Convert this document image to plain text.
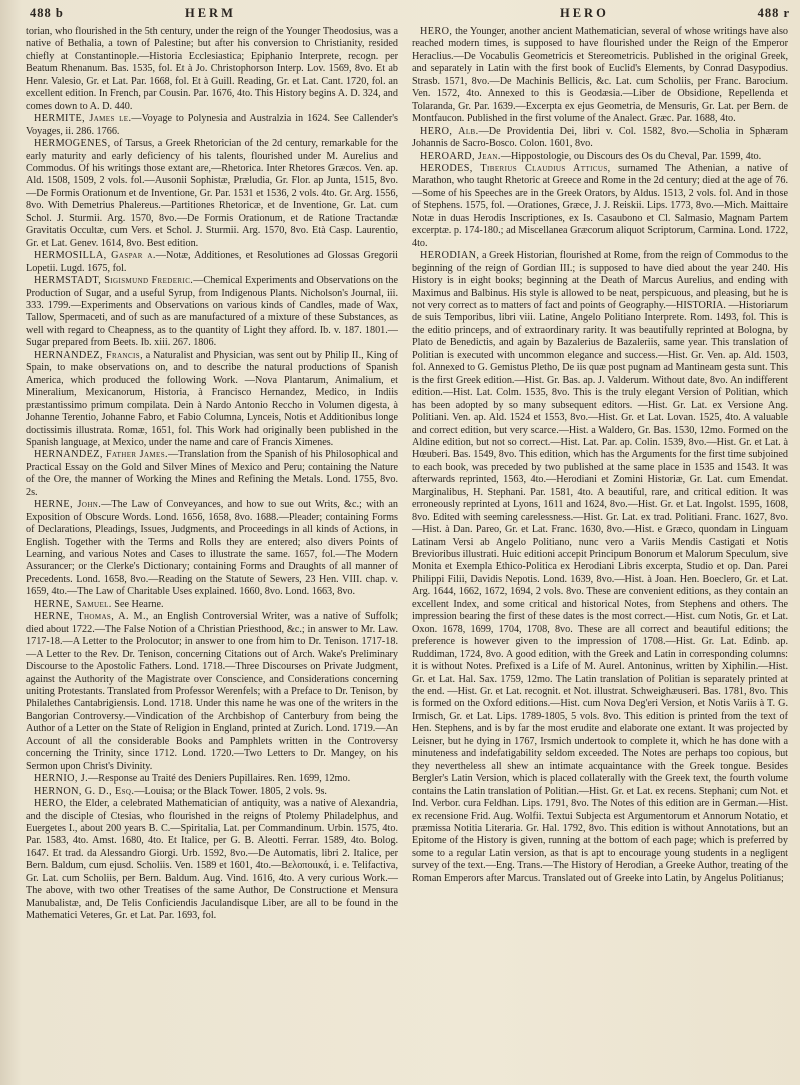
488 b	HERM	HERO	488 r

torian, who flourished in the 5th century, under the reign of the Younger Theodosius, was a native of Bethalia, a town of Palestine; but after his conversion to Christianity, resided chiefly at Constantinople.—Historia Ecclesiastica; Epiphanio Interprete, recogn. per Beatum Rhenanum. Bas. 1535, fol. Et à Jo. Christophorson Interp. Lov. 1569, 8vo. Et ab Henr. Valesio, Gr. et Lat. Par. 1668, fol. Et à Guill. Reading, Gr. et Lat. Cant. 1720, fol. an excellent edition. In French, par Cousin. Par. 1676, 4to. This History begins A. D. 324, and comes down to A. D. 440.

HERMITE, James le.—Voyage to Polynesia and Australzia in 1624. See Callender's Voyages, ii. 286. 1766.

HERMOGENES, of Tarsus, a Greek Rhetorician of the 2d century, remarkable for the early maturity and early deficiency of his talents, flourished under M. Aurelius and Commodus. Of his writings those extant are,—Rhetorica. Inter Rhetores Græcos. Ven. ap. Ald. 1508, 1509, 2 vols. fol.—Ausonii Sophistæ, Præludia, Gr. Flor. ap Junta, 1515, 8vo.—De Formis Orationum et de Inventione, Gr. Par. 1531 et 1536, 2 vols. 4to. Gr. Arg. 1556, 8vo. With Demetrius Phalereus.—Partitiones Rhetoricæ, et de Inventione, Gr. Lat. cum Schol. J. Sturmii. Arg. 1570, 8vo.—De Formis Orationum, et de Ratione Tractandæ Gravitatis Occultæ, cum Vers. et Schol. J. Sturmii. Arg. 1570, 8vo. Età Casp. Laurentio, Gr. et Lat. Genev. 1614, 8vo. Best edition.

HERMOSILLA, Gaspar a.—Notæ, Additiones, et Resolutiones ad Glossas Gregorii Lopetii. Lugd. 1675, fol.

HERMSTADT, Sigismund Frederic.—Chemical Experiments and Observations on the Production of Sugar, and a useful Syrup, from Indigenous Plants. Nicholson's Journal, iii. 333. 1799.—Experiments and Observations on various kinds of Candles, made of Wax, Tallow, Spermaceti, and of such as are manufactured of a mixture of these Substances, as well with regard to Cheapness, as to the quantity of Light they afford. Ib. v. 187. 1801.—Sugar prepared from Beets. Ib. xiii. 267. 1806.

HERNANDEZ, Francis, a Naturalist and Physician, was sent out by Philip II., King of Spain, to make observations on, and to describe the natural productions of Spanish America, which produced the following Work. —Nova Plantarum, Animalium, et Mineralium, Mexicanorum, Historia, à Francisco Hernandez, Medico, in Indiis præstantissimo primum compilata. Dein à Nardo Antonio Reccho in Volumen digesta, à Johanne Terentio, Johanne Fabro, et Fabio Columna, Lynceis, Notis et Additionibus longe doctissimis illustrata. Romæ, 1651, fol. This Work had originally been published in the Spanish language, at Mexico, under the name and care of Francis Ximenes.

HERNANDEZ, Father James.—Translation from the Spanish of his Philosophical and Practical Essay on the Gold and Silver Mines of Mexico and Peru; containing the Nature of the Ore, the manner of Working the Mines and Refining the Metals. Lond. 1755, 8vo. 2s.

HERNE, John.—The Law of Conveyances, and how to sue out Writs, &c.; with an Exposition of Obscure Words. Lond. 1656, 1658, 8vo. 1688.—Pleader; containing Forms of Declarations, Pleadings, Issues, Judgments, and Proceedings in all kinds of Actions, in English. Together with the Terms and Rolls they are entered; also divers Points of Learning, and various Notes and Cases to illustrate the same. 1657, fol.—The Modern Assurancer; or the Clerke's Dictionary; containing Forms and Draughts of all manner of Precedents. Lond. 1658, 8vo.—Reading on the Statute of Sewers, 23 Hen. VIII. chap. v. 1659, 4to.—The Law of Charitable Uses explained. 1660, 8vo. Lond. 1663, 8vo.

HERNE, Samuel. See Hearne.

HERNE, Thomas, A. M., an English Controversial Writer, was a native of Suffolk; died about 1722.—The False Notion of a Christian Priesthood, &c.; in answer to Mr. Law. 1717-18.—A Letter to the Prolocutor; in answer to one from him to Dr. Tenison. 1717-18.—A Letter to the Rev. Dr. Tenison, concerning Citations out of Arch. Wake's Preliminary Discourse to the Apostolic Fathers. Lond. 1718.—Three Discourses on Private Judgment, against the Authority of the Magistrate over Conscience, and Considerations concerning uniting Protestants. Translated from Professor Werenfels; with a Preface to Dr. Tenison, by Philalethes Cantabrigiensis. Lond. 1718. Under this name he was one of the writers in the Bangorian Controversy.—Vindication of the Archbishop of Canterbury from being the Author of a Letter on the State of Religion in England, printed at Zurich. Lond. 1719.—An Account of all the considerable Books and Pamphlets written in the Controversy concerning the Trinity, since 1712. Lond. 1720.—Two Letters to Dr. Mangey, on his Sermon upon Christ's Divinity.

HERNIO, J.—Response au Traité des Deniers Pupillaires. Ren. 1699, 12mo.

HERNON, G. D., Esq.—Louisa; or the Black Tower. 1805, 2 vols. 9s.

HERO, the Elder, a celebrated Mathematician of antiquity, was a native of Alexandria, and the disciple of Ctesias, who flourished in the reigns of Ptolemy Philadelphus, and Euergetes I., about 200 years B. C.—Spiritalia, Lat. per Commandinum. Urbin. 1575, 4to. Par. 1583, 4to. Amst. 1680, 4to. Et Italice, per G. B. Aleotti. Ferrar. 1589, 4to. Bolog. 1647. Et trad. da Alessandro Giorgi. Urb. 1592, 8vo.—De Automatis, libri 2. Italice, per Bern. Baldum, cum ejusd. Scholiis. Ven. 1589 et 1601, 4to.—Βελοποιικά, i. e. Telifactiva, Gr. Lat. cum Scholiis, per Bern. Baldum. Aug. Vind. 1616, 4to. A very curious Work.—The above, with two other Treatises of the same Author, De Constructione et Mensura Manubalistæ, and, De Telis Conficiendis Jaculandisque Liber, are all to be found in the Mathematici Veteres, Gr. et Lat. Par. 1693, fol.

HERO, the Younger, another ancient Mathematician, several of whose writings have also reached modern times, is supposed to have flourished under the Reign of the Emperor Heraclius.—De Vocabulis Geometricis et Stereometricis. Published in the original Greek, and separately in Latin with the first book of Euclid's Elements, by Conrad Dasypodius. Strasb. 1571, 8vo.—De Machinis Bellicis, &c. Lat. cum Scholiis, per Franc. Barocium. Ven. 1572, 4to. Annexed to this is Geodæsia.—Liber de Obsidione, Repellenda et Tolaranda, Gr. Par. 1639.—Excerpta ex ejus Geometria, de Mensuris, Gr. Lat. per Bern. de Montfaucon. Published in the first volume of the Analect. Græc. Par. 1688, 4to.

HERO, Alb.—De Providentia Dei, libri v. Col. 1582, 8vo.—Scholia in Sphæram Johannis de Sacro-Bosco. Colon. 1601, 8vo.

HEROARD, Jean.—Hippostologie, ou Discours des Os du Cheval, Par. 1599, 4to.

HERODES, Tiberius Claudius Atticus, surnamed The Athenian, a native of Marathon, who taught Rhetoric at Greece and Rome in the 2d century; died at the age of 76.—Some of his Speeches are in the Greek Orators, by Aldus. 1513, 2 vols. fol. And in those of Stephens. 1575, fol. —Orationes, Græce, J. J. Reiskii. Lips. 1773, 8vo.—Mich. Maittaire Notæ in duas Herodis Inscriptiones, ex Is. Casaubono et Cl. Salmasio, Magnam Partem excerptæ. p. 174-180.; ad Miscellanea Græcorum aliquot Scriptorum, Carmina. Lond. 1722, 4to.

HERODIAN, a Greek Historian, flourished at Rome, from the reign of Commodus to the beginning of the reign of Gordian III.; is supposed to have died about the year 240. His History is in eight books; beginning at the Death of Marcus Aurelius, and ending with Maximus and Balbinus. His style is allowed to be neat, perspicuous, and pleasing, but he is not very correct as to matters of fact and points of Geography.—HISTORIA. —Historiarum de suis Temporibus, libri viii. Latine, Angelo Politiano Interprete. Rom. 1493, fol. This is the editio princeps, and of extraordinary rarity. It was beautifully reprinted at Bologna, by Plato de Benedictis, and again by Bazalerius de Bazaleriis, same year. This translation of Politian is executed with uncommon elegance and success.—Hist. Gr. Ven. ap. Ald. 1503, fol. Annexed to G. Gemistus Pletho, De iis quæ post pugnam ad Mantineam gesta sunt. This is the first Greek edition.—Hist. Gr. Bas. ap. J. Valderum. Without date, 8vo. An indifferent edition.—Hist. Lat. Colm. 1535, 8vo. This is the truly elegant Version of Politian, which has been adopted by so many subsequent editors. —Hist. Gr. Lat. ex Versione Ang. Politiani. Ven. ap. Ald. 1524 et 1553, 8vo.—Hist. Gr. et Lat. Lovan. 1525, 4to. A valuable and correct edition, but very scarce.—Hist. a Waldero, Gr. Bas. 1530, 12mo. Formed on the Aldine edition, but not so correct.—Hist. Lat. Par. ap. Colin. 1539, 8vo.—Hist. Gr. et Lat. à Hœuberi. Bas. 1549, 8vo. This edition, which has the Arguments for the first time subjoined to each book, was preceded by two published at the same place in 1535 and 1543. It was afterwards reprinted, 1563, 4to.—Herodiani et Zomini Historiæ, Gr. Lat. cum Emendat. Marginalibus, H. Stephani. Par. 1581, 4to. A beautiful, rare, and critical edition. It was erroneously reprinted at Lyons, 1611 and 1624, 8vo.—Hist. Gr. et Lat. Ingolst. 1595, 1608, 8vo. Edited with seeming carelessness.—Hist. Gr. Lat. ex trad. Politiani. Franc. 1627, 8vo.—Hist. à Dan. Pareo, Gr. et Lat. Franc. 1630, 8vo.—Hist. e Græco, quondam in Linguam Latinam Versi ab Angelo Politiano, nunc vero a Variis Mendis Castigati et Notis Brevioribus illustrati. Huic editioni accepit Principum Bonorum et Malorum Speculum, sive Monita et Exempla Ethico-Politica ex Herodiani Libris excerpta, Studio et op. Dan. Parei Philippi Filii, Davidis Nepotis. Lond. 1639, 8vo.—Hist. à Joan. Hen. Boeclero, Gr. et Lat. Arg. 1644, 1662, 1672, 1694, 2 vols. 8vo. These are convenient editions, as they contain an excellent Index, and some critical and historical Notes, from Stephens and others. The impression bearing the first of these dates is the most correct.—Hist. cum Notis, Gr. et Lat. Oxon. 1678, 1699, 1704, 1708, 8vo. These are all correct and beautiful editions; the preference is however given to the impression of 1708.—Hist. Gr. Lat. Edinb. ap. Ruddiman, 1724, 8vo. A good edition, with the Greek and Latin in corresponding columns: it is without Notes. Prefixed is a Life of M. Aurel. Antoninus, written by Xiphilin.—Hist. Gr. et Lat. Hal. Sax. 1759, 12mo. The Latin translation of Politian is separately printed at the end. —Hist. Gr. et Lat. recognit. et Not. illustrat. Schweighæuseri. Bas. 1781, 8vo. This is formed on the Oxford editions.—Hist. cum Nova Deg'eri Version, et Notis Variis à T. G. Irmisch, Gr. et Lat. Lips. 1789-1805, 5 vols. 8vo. This edition is printed from the text of Hen. Stephens, and is by far the most erudite and elaborate one extant. It was projected by Leisner, but he dying in 1767, Irsmich undertook to complete it, which he has done with a minuteness and indefatigability seldom exceeded. The Notes are perhaps too copious, but they nevertheless all shew an intimate acquaintance with the Greek tongue. Besides Bergler's Latin Version, which is placed collaterally with the Greek text, the fourth volume contains the Latin translation of Politian.—Hist. Gr. et Lat. ex recens. Stephani; cum Not. et Ind. Verbor. cura Feldhan. Lips. 1791, 8vo. The Notes of this edition are in German.—Hist. ex recensione Frid. Aug. Wolfii. Textui Subjecta est Argumentorum et Annorum Notatio, et præmissa Notitia Literaria. Gr. Hal. 1792, 8vo. This edition is without Annotations, but an Epitome of the History is given, running at the bottom of each page; which is preferred by some to a regular Latin version, as that is apt to encourage young students in a negligent survey of the text.—Eng. Trans.—The History of Herodian, a Greeke Author, treating of the Roman Emperors after Marcus. Translated out of Greeke into Latin, by Angelus Politianus;
